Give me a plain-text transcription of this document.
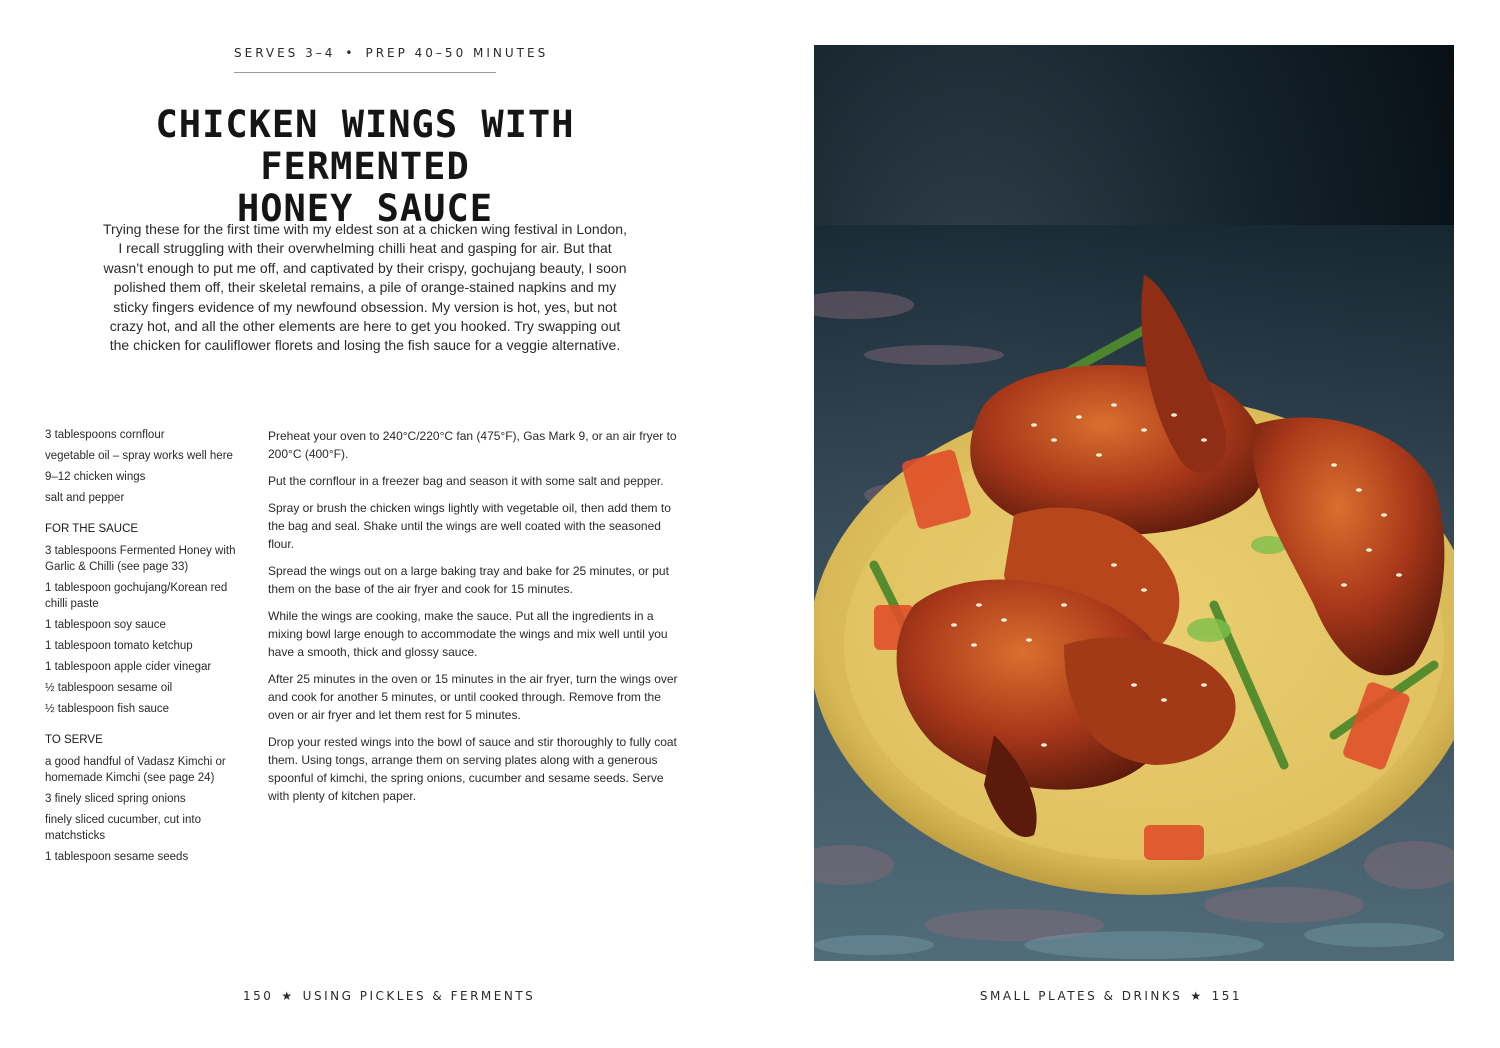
SERVES 3–4 • PREP 40–50 MINUTES
CHICKEN WINGS WITH FERMENTED
HONEY SAUCE

Trying these for the first time with my eldest son at a chicken wing festival in London, I recall struggling with their overwhelming chilli heat and gasping for air. But that wasn’t enough to put me off, and captivated by their crispy, gochujang beauty, I soon polished them off, their skeletal remains, a pile of orange-stained napkins and my sticky fingers evidence of my newfound obsession. My version is hot, yes, but not crazy hot, and all the other elements are here to get you hooked. Try swapping out the chicken for cauliflower florets and losing the fish sauce for a veggie alternative.

3 tablespoons cornflour
vegetable oil – spray works well here
9–12 chicken wings
salt and pepper
FOR THE SAUCE
3 tablespoons Fermented Honey with Garlic & Chilli (see page 33)
1 tablespoon gochujang/Korean red chilli paste
1 tablespoon soy sauce
1 tablespoon tomato ketchup
1 tablespoon apple cider vinegar
½ tablespoon sesame oil
½ tablespoon fish sauce
TO SERVE
a good handful of Vadasz Kimchi or homemade Kimchi (see page 24)
3 finely sliced spring onions
finely sliced cucumber, cut into matchsticks
1 tablespoon sesame seeds

Preheat your oven to 240°C/220°C fan (475°F), Gas Mark 9, or an air fryer to 200°C (400°F).

Put the cornflour in a freezer bag and season it with some salt and pepper.

Spray or brush the chicken wings lightly with vegetable oil, then add them to the bag and seal. Shake until the wings are well coated with the seasoned flour.

Spread the wings out on a large baking tray and bake for 25 minutes, or put them on the base of the air fryer and cook for 15 minutes.

While the wings are cooking, make the sauce. Put all the ingredients in a mixing bowl large enough to accommodate the wings and mix well until you have a smooth, thick and glossy sauce.

After 25 minutes in the oven or 15 minutes in the air fryer, turn the wings over and cook for another 5 minutes, or until cooked through. Remove from the oven or air fryer and let them rest for 5 minutes.

Drop your rested wings into the bowl of sauce and stir thoroughly to fully coat them. Using tongs, arrange them on serving plates along with a generous spoonful of kimchi, the spring onions, cucumber and sesame seeds. Serve with plenty of kitchen paper.

150 ★ USING PICKLES & FERMENTS	SMALL PLATES & DRINKS ★ 151
